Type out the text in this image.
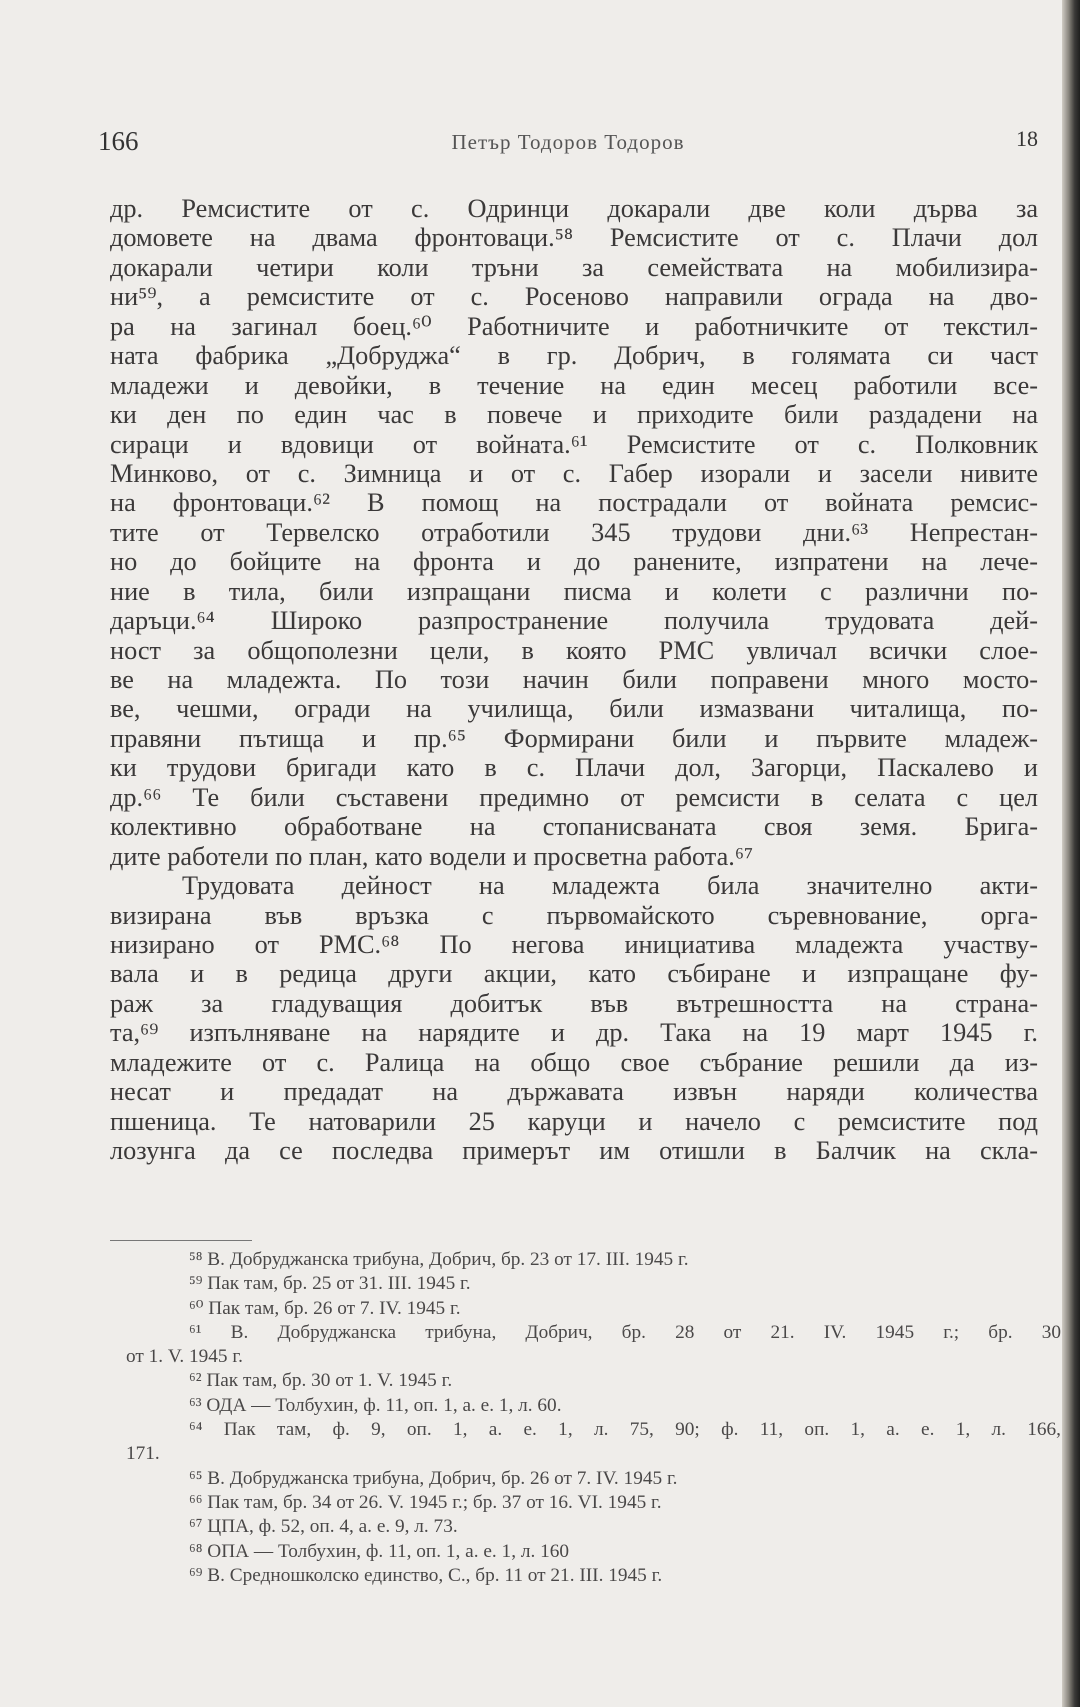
166	Петър Тодоров Тодоров	18
др. Ремсистите от с. Одринци докарали две коли дърва за
домовете на двама фронтоваци.⁵⁸ Ремсистите от с. Плачи дол
докарали четири коли тръни за семействата на мобилизира-
ни⁵⁹, а ремсистите от с. Росеново направили ограда на дво-
ра на загинал боец.⁶⁰ Работничите и работничките от текстил-
ната фабрика „Добруджа“ в гр. Добрич, в голямата си част
младежи и девойки, в течение на един месец работили все-
ки ден по един час в повече и приходите били раздадени на
сираци и вдовици от войната.⁶¹ Ремсистите от с. Полковник
Минково, от с. Зимница и от с. Габер изорали и засели нивите
на фронтоваци.⁶² В помощ на пострадали от войната ремсис-
тите от Тервелско отработили 345 трудови дни.⁶³ Непрестан-
но до бойците на фронта и до ранените, изпратени на лече-
ние в тила, били изпращани писма и колети с различни по-
даръци.⁶⁴ Широко разпространение получила трудовата дей-
ност за общополезни цели, в която РМС увличал всички слое-
ве на младежта. По този начин били поправени много мосто-
ве, чешми, огради на училища, били измазвани читалища, по-
правяни пътища и пр.⁶⁵ Формирани били и първите младеж-
ки трудови бригади като в с. Плачи дол, Загорци, Паскалево и
др.⁶⁶ Те били съставени предимно от ремсисти в селата с цел
колективно обработване на стопанисваната своя земя. Брига-
дите работели по план, като водели и просветна работа.⁶⁷
Трудовата дейност на младежта била значително акти-
визирана във връзка с първомайското съревнование, орга-
низирано от РМС.⁶⁸ По негова инициатива младежта участву-
вала и в редица други акции, като събиране и изпращане фу-
раж за гладуващия добитък във вътрешността на страна-
та,⁶⁹ изпълняване на нарядите и др. Така на 19 март 1945 г.
младежите от с. Ралица на общо свое събрание решили да из-
несат и предадат на държавата извън наряди количества
пшеница. Те натоварили 25 каруци и начело с ремсистите под
лозунга да се последва примерът им отишли в Балчик на скла-
⁵⁸ В. Добруджанска трибуна, Добрич, бр. 23 от 17. III. 1945 г.
⁵⁹ Пак там, бр. 25 от 31. III. 1945 г.
⁶⁰ Пак там, бр. 26 от 7. IV. 1945 г.
⁶¹ В. Добруджанска трибуна, Добрич, бр. 28 от 21. IV. 1945 г.; бр. 30
от 1. V. 1945 г.
⁶² Пак там, бр. 30 от 1. V. 1945 г.
⁶³ ОДА — Толбухин, ф. 11, оп. 1, а. е. 1, л. 60.
⁶⁴ Пак там, ф. 9, оп. 1, а. е. 1, л. 75, 90; ф. 11, оп. 1, а. е. 1, л. 166,
171.
⁶⁵ В. Добруджанска трибуна, Добрич, бр. 26 от 7. IV. 1945 г.
⁶⁶ Пак там, бр. 34 от 26. V. 1945 г.; бр. 37 от 16. VI. 1945 г.
⁶⁷ ЦПА, ф. 52, оп. 4, а. е. 9, л. 73.
⁶⁸ ОПА — Толбухин, ф. 11, оп. 1, а. е. 1, л. 160
⁶⁹ В. Средношколско единство, С., бр. 11 от 21. III. 1945 г.
